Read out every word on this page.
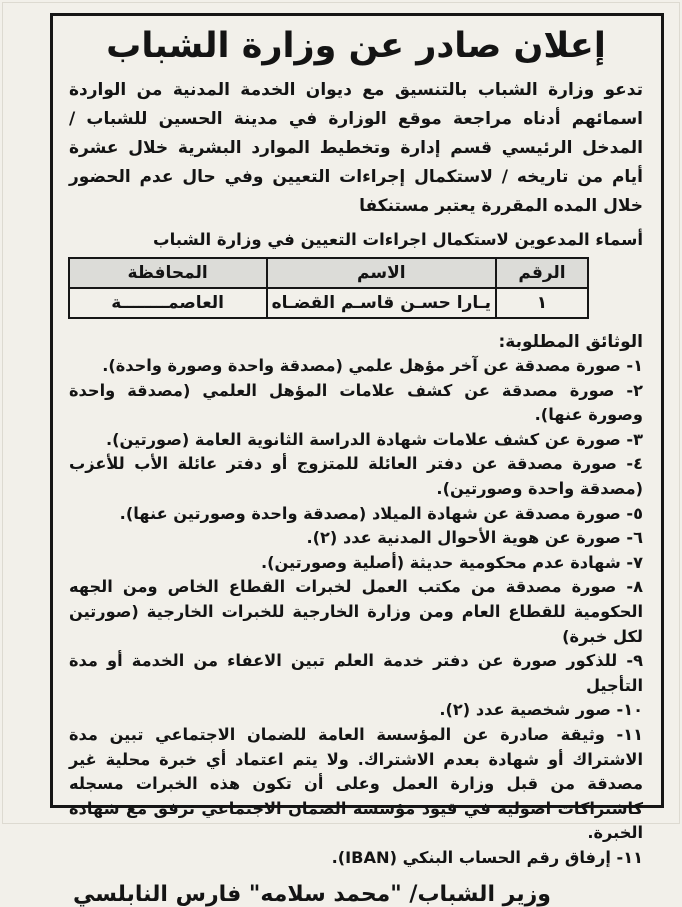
إعلان صادر عن وزارة الشباب
تدعو وزارة الشباب بالتنسيق مع ديوان الخدمة المدنية من الواردة اسمائهم أدناه مراجعة موقع الوزارة في مدينة الحسين للشباب / المدخل الرئيسي قسم إدارة وتخطيط الموارد البشرية خلال عشرة أيام من تاريخه / لاستكمال إجراءات التعيين وفي حال عدم الحضور خلال المده المقررة يعتبر مستنكفا
أسماء المدعوين لاستكمال اجراءات التعيين في وزارة الشباب
الرقم	الاسم	المحافظة
١	يـارا حسـن قاسـم القضـاه	العاصمــــــــة
الوثائق المطلوبة:
١- صورة مصدقة عن آخر مؤهل علمي (مصدقة واحدة وصورة واحدة).
٢- صورة مصدقة عن كشف علامات المؤهل العلمي (مصدقة واحدة وصورة عنها).
٣- صورة عن كشف علامات شهادة الدراسة الثانوية العامة (صورتين).
٤- صورة مصدقة عن دفتر العائلة للمتزوج أو دفتر عائلة الأب للأعزب (مصدقة واحدة وصورتين).
٥- صورة مصدقة عن شهادة الميلاد (مصدقة واحدة وصورتين عنها).
٦- صورة عن هوية الأحوال المدنية عدد (٢).
٧- شهادة عدم محكومية حديثة (أصلية وصورتين).
٨- صورة مصدقة من مكتب العمل لخبرات القطاع الخاص ومن الجهه الحكومية للقطاع العام ومن وزارة الخارجية للخبرات الخارجية (صورتين لكل خبرة)
٩- للذكور صورة عن دفتر خدمة العلم تبين الاعفاء من الخدمة أو مدة التأجيل
١٠- صور شخصية عدد (٢).
١١- وثيقة صادرة عن المؤسسة العامة للضمان الاجتماعي تبين مدة الاشتراك أو شهادة بعدم الاشتراك. ولا يتم اعتماد أي خبرة محلية غير مصدقة من قبل وزارة العمل وعلى أن تكون هذه الخبرات مسجله كاشتراكات اصولية في قيود مؤسسة الضمان الاجتماعي ترفق مع شهادة الخبرة.
١١- إرفاق رقم الحساب البنكي (IBAN).
وزير الشباب/ "محمد سلامه" فارس النابلسي
